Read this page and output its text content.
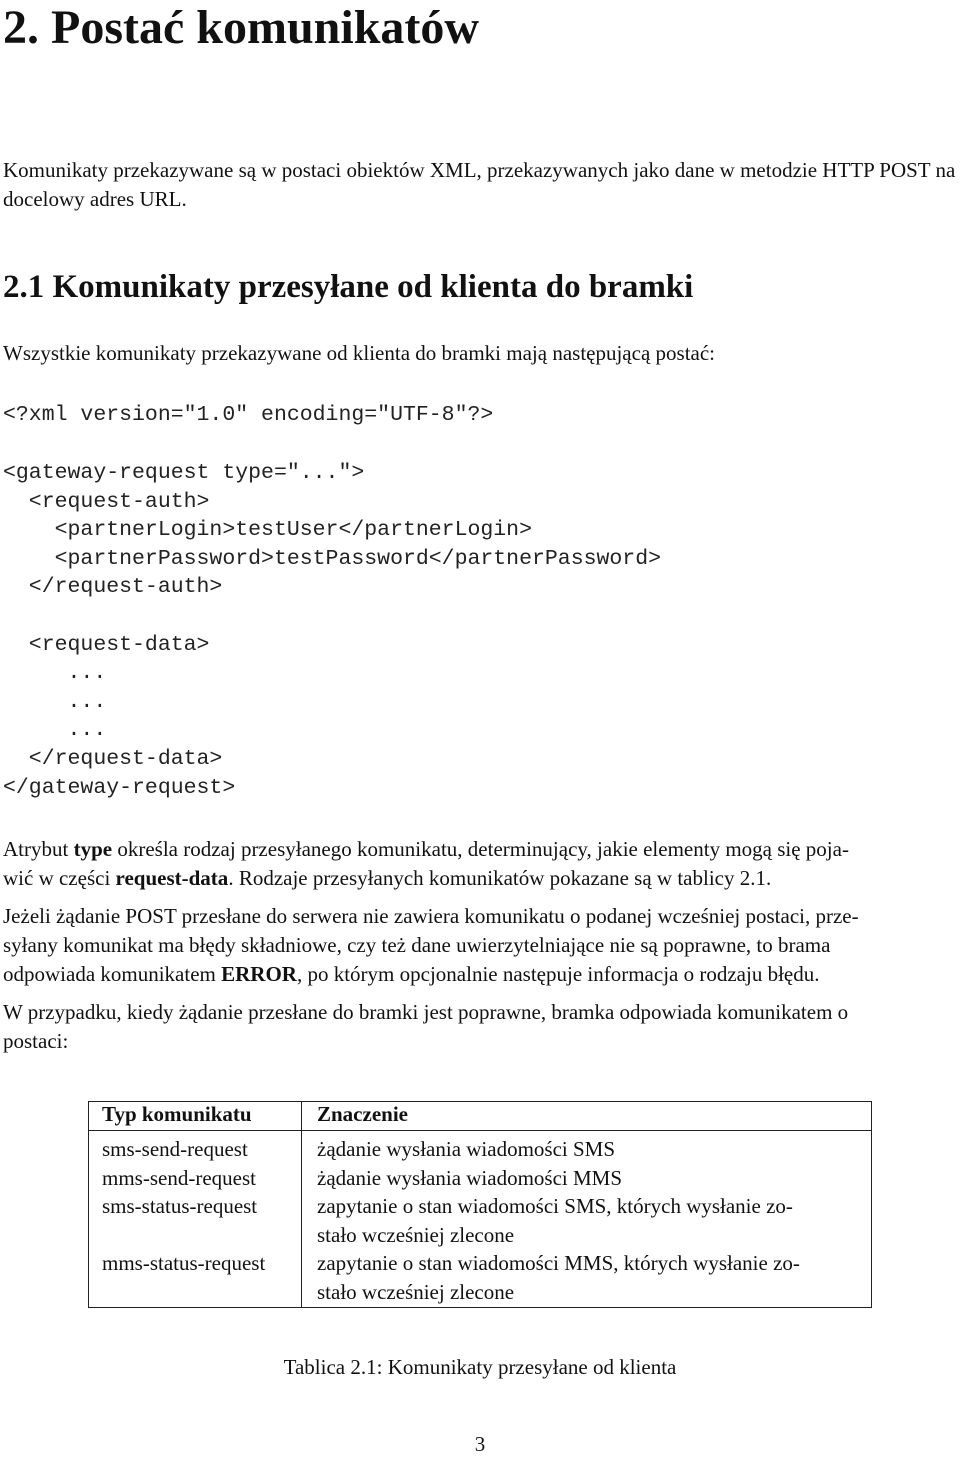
2. Postać komunikatów
Komunikaty przekazywane są w postaci obiektów XML, przekazywanych jako dane w metodzie HTTP POST na docelowy adres URL.
2.1 Komunikaty przesyłane od klienta do bramki
Wszystkie komunikaty przekazywane od klienta do bramki mają następującą postać:
<?xml version="1.0" encoding="UTF-8"?>
<gateway-request type="...">
<request-auth>
<partnerLogin>testUser</partnerLogin>
<partnerPassword>testPassword</partnerPassword>
</request-auth>
<request-data>
...
...
...
</request-data>
</gateway-request>
Atrybut type określa rodzaj przesyłanego komunikatu, determinujący, jakie elementy mogą się poja-
wić w części request-data. Rodzaje przesyłanych komunikatów pokazane są w tablicy 2.1.
Jeżeli żądanie POST przesłane do serwera nie zawiera komunikatu o podanej wcześniej postaci, prze-
syłany komunikat ma błędy składniowe, czy też dane uwierzytelniające nie są poprawne, to brama
odpowiada komunikatem ERROR, po którym opcjonalnie następuje informacja o rodzaju błędu.
W przypadku, kiedy żądanie przesłane do bramki jest poprawne, bramka odpowiada komunikatem o
postaci:
Typ komunikatu	Znaczenie
sms-send-request
mms-send-request
sms-status-request

mms-status-request
żądanie wysłania wiadomości SMS
żądanie wysłania wiadomości MMS
zapytanie o stan wiadomości SMS, których wysłanie zo-
stało wcześniej zlecone
zapytanie o stan wiadomości MMS, których wysłanie zo-
stało wcześniej zlecone
Tablica 2.1: Komunikaty przesyłane od klienta
3
